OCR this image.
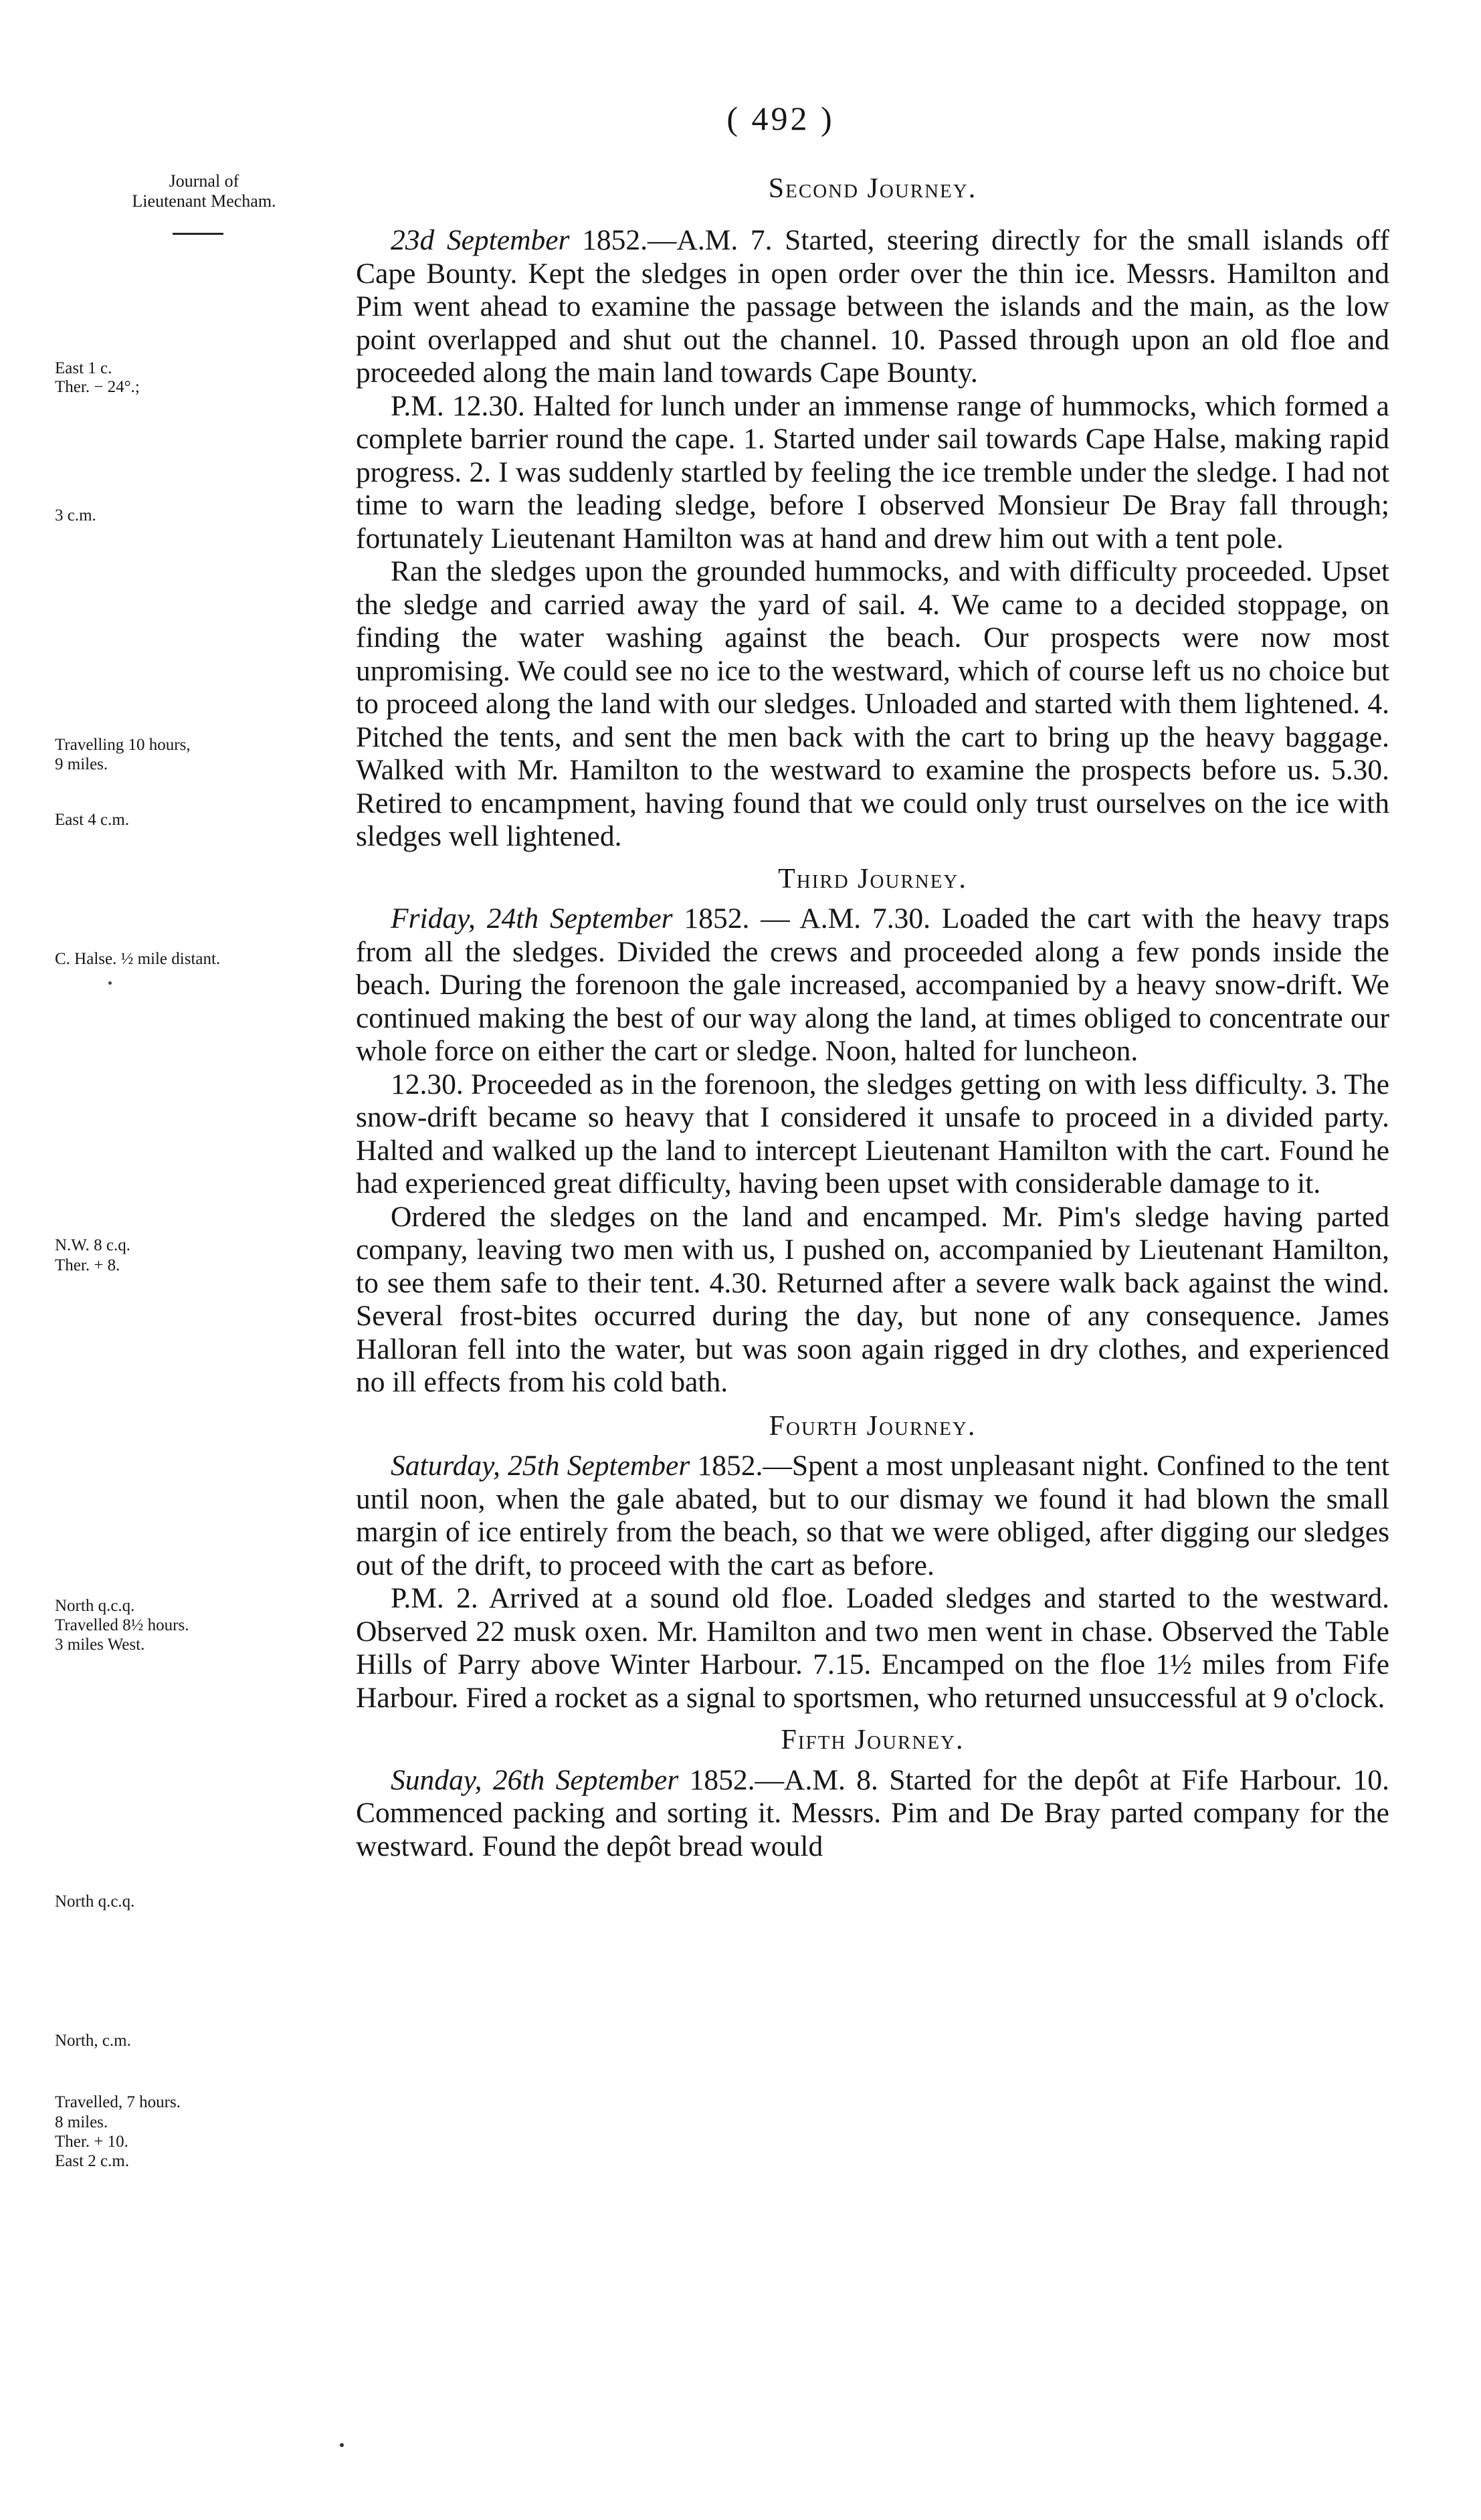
( 492 )
Journal of
Lieutenant Mecham.	Second Journey.
East 1 c.
Ther. − 24°.;
3 c.m.
Travelling 10 hours,
9 miles.
East 4 c.m.
C. Halse. ½ mile distant.
N.W. 8 c.q.
Ther. + 8.
North q.c.q.
Travelled 8½ hours.
3 miles West.
North q.c.q.
North, c.m.
Travelled, 7 hours.
8 miles.
Ther. + 10.
East 2 c.m.

23d September 1852.—A.M. 7. Started, steering directly for the small islands off Cape Bounty. Kept the sledges in open order over the thin ice. Messrs. Hamilton and Pim went ahead to examine the passage between the islands and the main, as the low point overlapped and shut out the channel. 10. Passed through upon an old floe and proceeded along the main land towards Cape Bounty.

P.M. 12.30. Halted for lunch under an immense range of hummocks, which formed a complete barrier round the cape. 1. Started under sail towards Cape Halse, making rapid progress. 2. I was suddenly startled by feeling the ice tremble under the sledge. I had not time to warn the leading sledge, before I observed Monsieur De Bray fall through; fortunately Lieutenant Hamilton was at hand and drew him out with a tent pole.

Ran the sledges upon the grounded hummocks, and with difficulty proceeded. Upset the sledge and carried away the yard of sail. 4. We came to a decided stoppage, on finding the water washing against the beach. Our prospects were now most unpromising. We could see no ice to the westward, which of course left us no choice but to proceed along the land with our sledges. Unloaded and started with them lightened. 4. Pitched the tents, and sent the men back with the cart to bring up the heavy baggage. Walked with Mr. Hamilton to the westward to examine the prospects before us. 5.30. Retired to encampment, having found that we could only trust ourselves on the ice with sledges well lightened.

Third Journey.

Friday, 24th September 1852. — A.M. 7.30. Loaded the cart with the heavy traps from all the sledges. Divided the crews and proceeded along a few ponds inside the beach. During the forenoon the gale increased, accompanied by a heavy snow-drift. We continued making the best of our way along the land, at times obliged to concentrate our whole force on either the cart or sledge. Noon, halted for luncheon.

12.30. Proceeded as in the forenoon, the sledges getting on with less difficulty. 3. The snow-drift became so heavy that I considered it unsafe to proceed in a divided party. Halted and walked up the land to intercept Lieutenant Hamilton with the cart. Found he had experienced great difficulty, having been upset with considerable damage to it.

Ordered the sledges on the land and encamped. Mr. Pim's sledge having parted company, leaving two men with us, I pushed on, accompanied by Lieutenant Hamilton, to see them safe to their tent. 4.30. Returned after a severe walk back against the wind. Several frost-bites occurred during the day, but none of any consequence. James Halloran fell into the water, but was soon again rigged in dry clothes, and experienced no ill effects from his cold bath.

Fourth Journey.

Saturday, 25th September 1852.—Spent a most unpleasant night. Confined to the tent until noon, when the gale abated, but to our dismay we found it had blown the small margin of ice entirely from the beach, so that we were obliged, after digging our sledges out of the drift, to proceed with the cart as before.

P.M. 2. Arrived at a sound old floe. Loaded sledges and started to the westward. Observed 22 musk oxen. Mr. Hamilton and two men went in chase. Observed the Table Hills of Parry above Winter Harbour. 7.15. Encamped on the floe 1½ miles from Fife Harbour. Fired a rocket as a signal to sportsmen, who returned unsuccessful at 9 o'clock.

Fifth Journey.

Sunday, 26th September 1852.—A.M. 8. Started for the depôt at Fife Harbour. 10. Commenced packing and sorting it. Messrs. Pim and De Bray parted company for the westward. Found the depôt bread would
